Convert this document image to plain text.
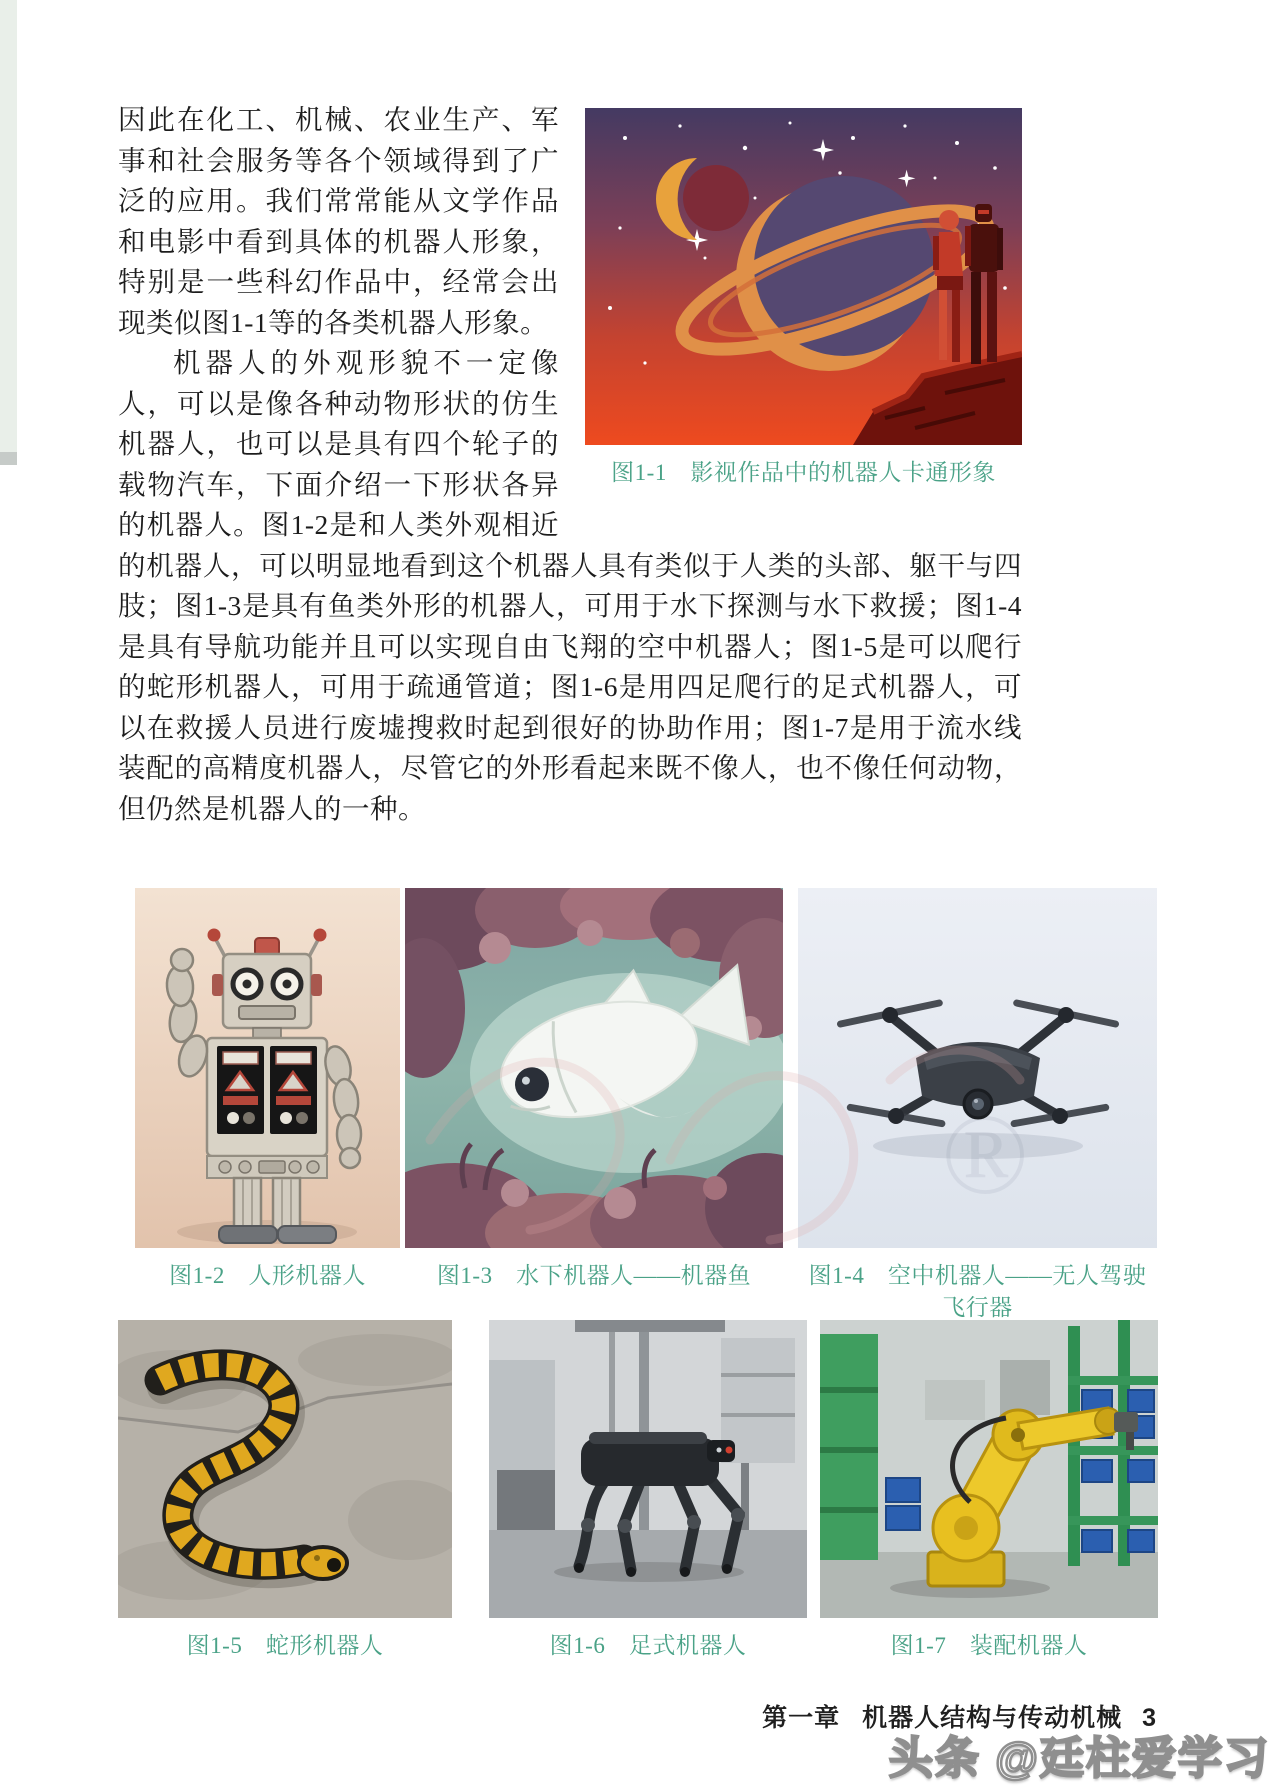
图1-1　影视作品中的机器人卡通形象

因此在化工、机械、农业生产、军事和社会服务等各个领域得到了广泛的应用。我们常常能从文学作品和电影中看到具体的机器人形象，特别是一些科幻作品中，经常会出现类似图1-1等的各类机器人形象。

机器人的外观形貌不一定像人，可以是像各种动物形状的仿生机器人，也可以是具有四个轮子的载物汽车，下面介绍一下形状各异的机器人。图1-2是和人类外观相近的机器人，可以明显地看到这个机器人具有类似于人类的头部、躯干与四肢；图1-3是具有鱼类外形的机器人，可用于水下探测与水下救援；图1-4是具有导航功能并且可以实现自由飞翔的空中机器人；图1-5是可以爬行的蛇形机器人，可用于疏通管道；图1-6是用四足爬行的足式机器人，可以在救援人员进行废墟搜救时起到很好的协助作用；图1-7是用于流水线装配的高精度机器人，尽管它的外形看起来既不像人，也不像任何动物，但仍然是机器人的一种。

图1-2　人形机器人	图1-3　水下机器人——机器鱼	图1-4　空中机器人——无人驾驶飞行器
图1-5　蛇形机器人	图1-6　足式机器人	图1-7　装配机器人
第一章 机器人结构与传动机械 3
头条 @廷柱爱学习
